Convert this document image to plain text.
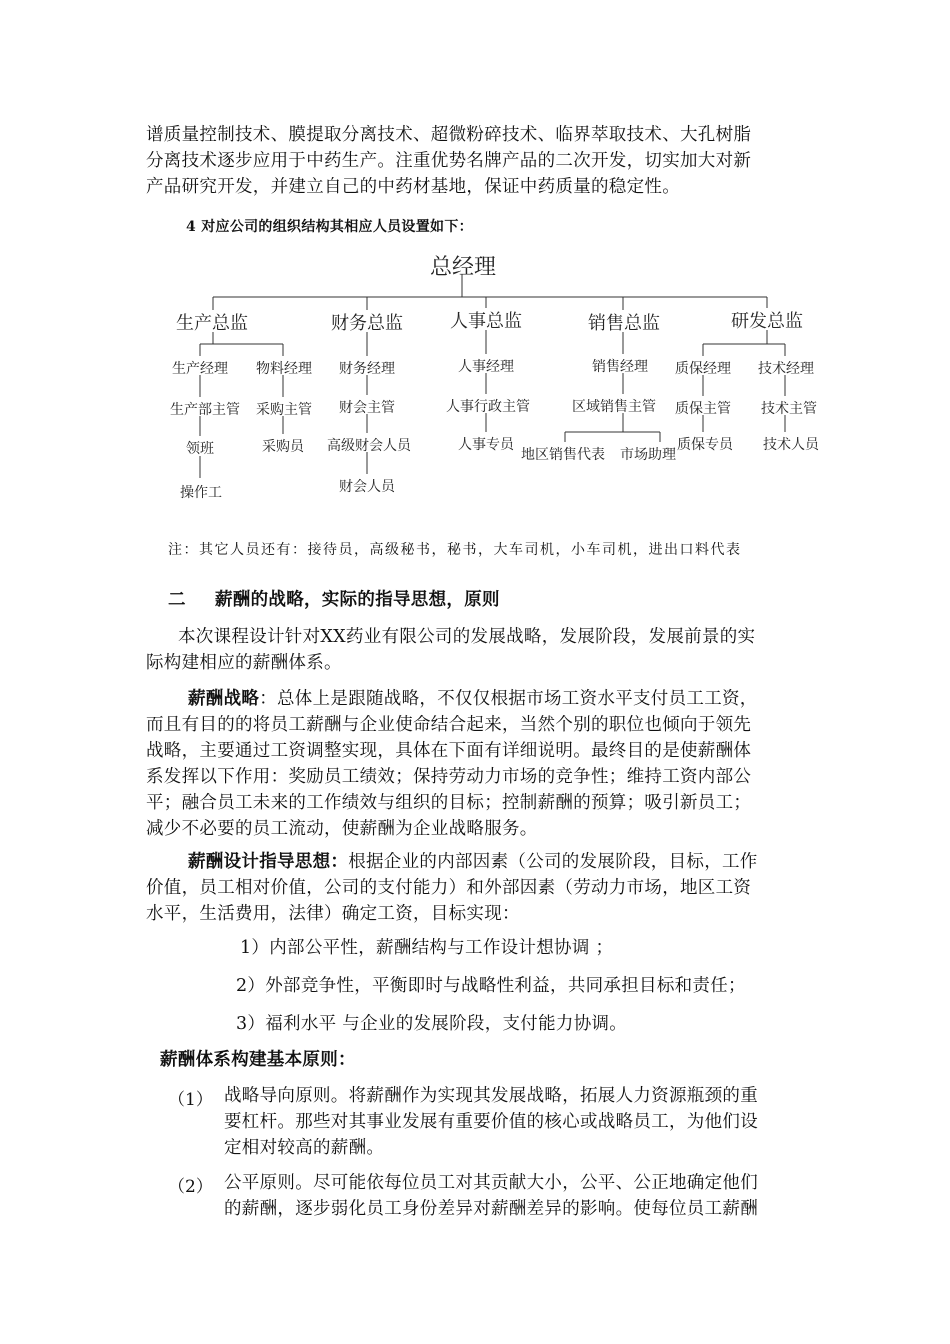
谱质量控制技术、膜提取分离技术、超微粉碎技术、临界萃取技术、大孔树脂
分离技术逐步应用于中药生产。注重优势名牌产品的二次开发，切实加大对新
产品研究开发，并建立自己的中药材基地，保证中药质量的稳定性。
4 对应公司的组织结构其相应人员设置如下：
总经理
生产总监	财务总监	人事总监	销售总监	研发总监
生产经理
生产部主管
领班
操作工
物料经理
采购主管
采购员
财务经理
财会主管
高级财会人员
财会人员
人事经理
人事行政主管
人事专员
销售经理
区域销售主管
地区销售代表 市场助理
质保经理
质保主管
质保专员
技术经理
技术主管
技术人员
注：其它人员还有：接待员，高级秘书，秘书，大车司机，小车司机，进出口料代表
二 薪酬的战略，实际的指导思想，原则
本次课程设计针对XX药业有限公司的发展战略，发展阶段，发展前景的实
际构建相应的薪酬体系。
薪酬战略：总体上是跟随战略，不仅仅根据市场工资水平支付员工工资，
而且有目的的将员工薪酬与企业使命结合起来，当然个别的职位也倾向于领先
战略，主要通过工资调整实现，具体在下面有详细说明。最终目的是使薪酬体
系发挥以下作用：奖励员工绩效；保持劳动力市场的竞争性；维持工资内部公
平；融合员工未来的工作绩效与组织的目标；控制薪酬的预算；吸引新员工；
减少不必要的员工流动，使薪酬为企业战略服务。
薪酬设计指导思想：根据企业的内部因素（公司的发展阶段，目标，工作
价值，员工相对价值，公司的支付能力）和外部因素（劳动力市场，地区工资
水平，生活费用，法律）确定工资，目标实现：
1）内部公平性，薪酬结构与工作设计想协调 ；
2）外部竞争性，平衡即时与战略性利益，共同承担目标和责任；
3）福利水平 与企业的发展阶段，支付能力协调。
薪酬体系构建基本原则：
（1） 战略导向原则。将薪酬作为实现其发展战略，拓展人力资源瓶颈的重
要杠杆。那些对其事业发展有重要价值的核心或战略员工，为他们设
定相对较高的薪酬。
（2） 公平原则。尽可能依每位员工对其贡献大小，公平、公正地确定他们
的薪酬，逐步弱化员工身份差异对薪酬差异的影响。使每位员工薪酬
